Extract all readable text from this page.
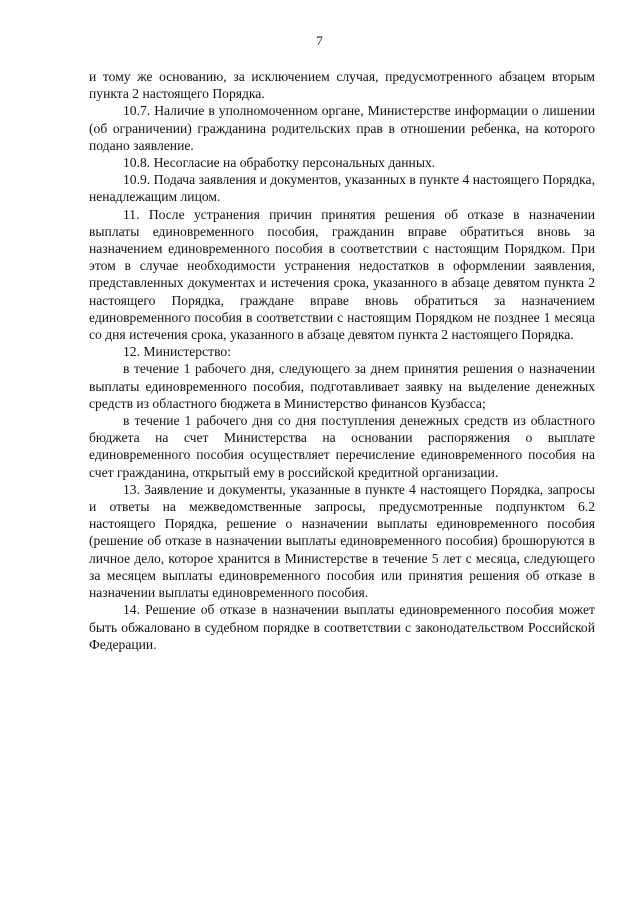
7

и тому же основанию, за исключением случая, предусмотренного абзацем вторым пункта 2 настоящего Порядка.

10.7. Наличие в уполномоченном органе, Министерстве информации о лишении (об ограничении) гражданина родительских прав в отношении ребенка, на которого подано заявление.

10.8. Несогласие на обработку персональных данных.

10.9. Подача заявления и документов, указанных в пункте 4 настоящего Порядка, ненадлежащим лицом.

11. После устранения причин принятия решения об отказе в назначении выплаты единовременного пособия, гражданин вправе обратиться вновь за назначением единовременного пособия в соответствии с настоящим Порядком. При этом в случае необходимости устранения недостатков в оформлении заявления, представленных документах и истечения срока, указанного в абзаце девятом пункта 2 настоящего Порядка, граждане вправе вновь обратиться за назначением единовременного пособия в соответствии с настоящим Порядком не позднее 1 месяца со дня истечения срока, указанного в абзаце девятом пункта 2 настоящего Порядка.

12. Министерство:

в течение 1 рабочего дня, следующего за днем принятия решения о назначении выплаты единовременного пособия, подготавливает заявку на выделение денежных средств из областного бюджета в Министерство финансов Кузбасса;

в течение 1 рабочего дня со дня поступления денежных средств из областного бюджета на счет Министерства на основании распоряжения о выплате единовременного пособия осуществляет перечисление единовременного пособия на счет гражданина, открытый ему в российской кредитной организации.

13. Заявление и документы, указанные в пункте 4 настоящего Порядка, запросы и ответы на межведомственные запросы, предусмотренные подпунктом 6.2 настоящего Порядка, решение о назначении выплаты единовременного пособия (решение об отказе в назначении выплаты единовременного пособия) брошюруются в личное дело, которое хранится в Министерстве в течение 5 лет с месяца, следующего за месяцем выплаты единовременного пособия или принятия решения об отказе в назначении выплаты единовременного пособия.

14. Решение об отказе в назначении выплаты единовременного пособия может быть обжаловано в судебном порядке в соответствии с законодательством Российской Федерации.
